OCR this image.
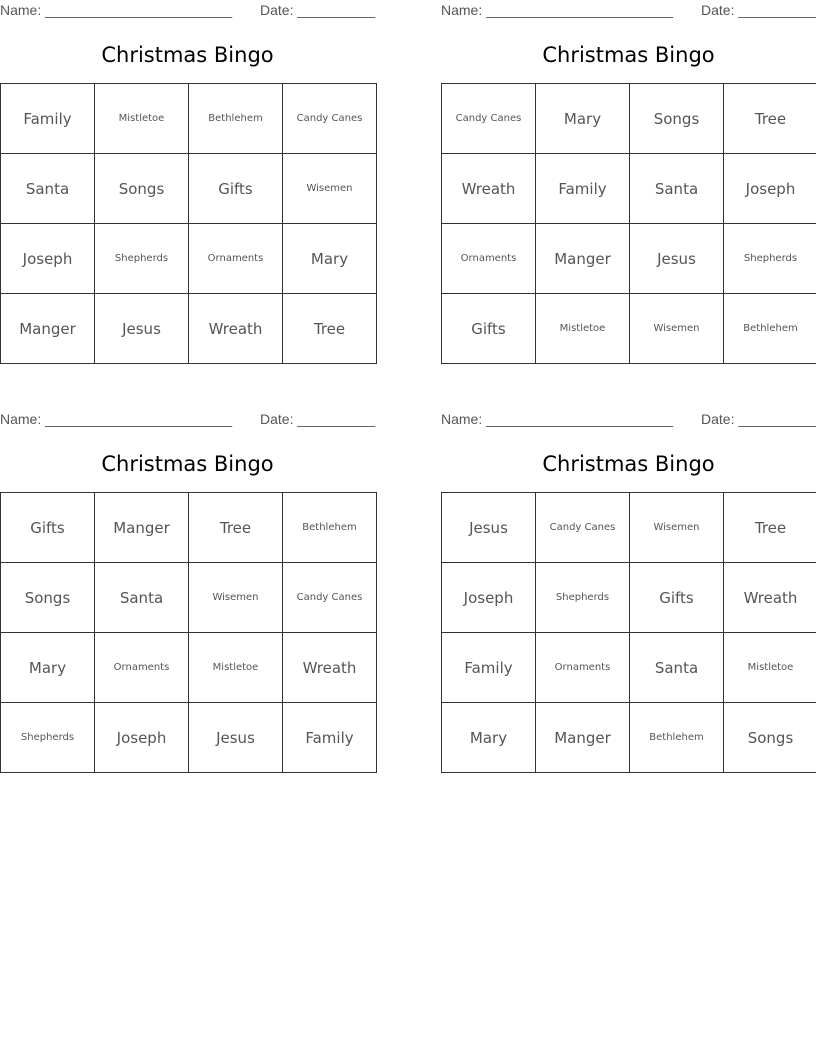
Name: ________________________ Date: __________
Christmas Bingo
Family	Mistletoe	Bethlehem	Candy Canes
Santa	Songs	Gifts	Wisemen
Joseph	Shepherds	Ornaments	Mary
Manger	Jesus	Wreath	Tree
Name: ________________________ Date: __________
Christmas Bingo
Candy Canes	Mary	Songs	Tree
Wreath	Family	Santa	Joseph
Ornaments	Manger	Jesus	Shepherds
Gifts	Mistletoe	Wisemen	Bethlehem
Name: ________________________ Date: __________
Christmas Bingo
Gifts	Manger	Tree	Bethlehem
Songs	Santa	Wisemen	Candy Canes
Mary	Ornaments	Mistletoe	Wreath
Shepherds	Joseph	Jesus	Family
Name: ________________________ Date: __________
Christmas Bingo
Jesus	Candy Canes	Wisemen	Tree
Joseph	Shepherds	Gifts	Wreath
Family	Ornaments	Santa	Mistletoe
Mary	Manger	Bethlehem	Songs
